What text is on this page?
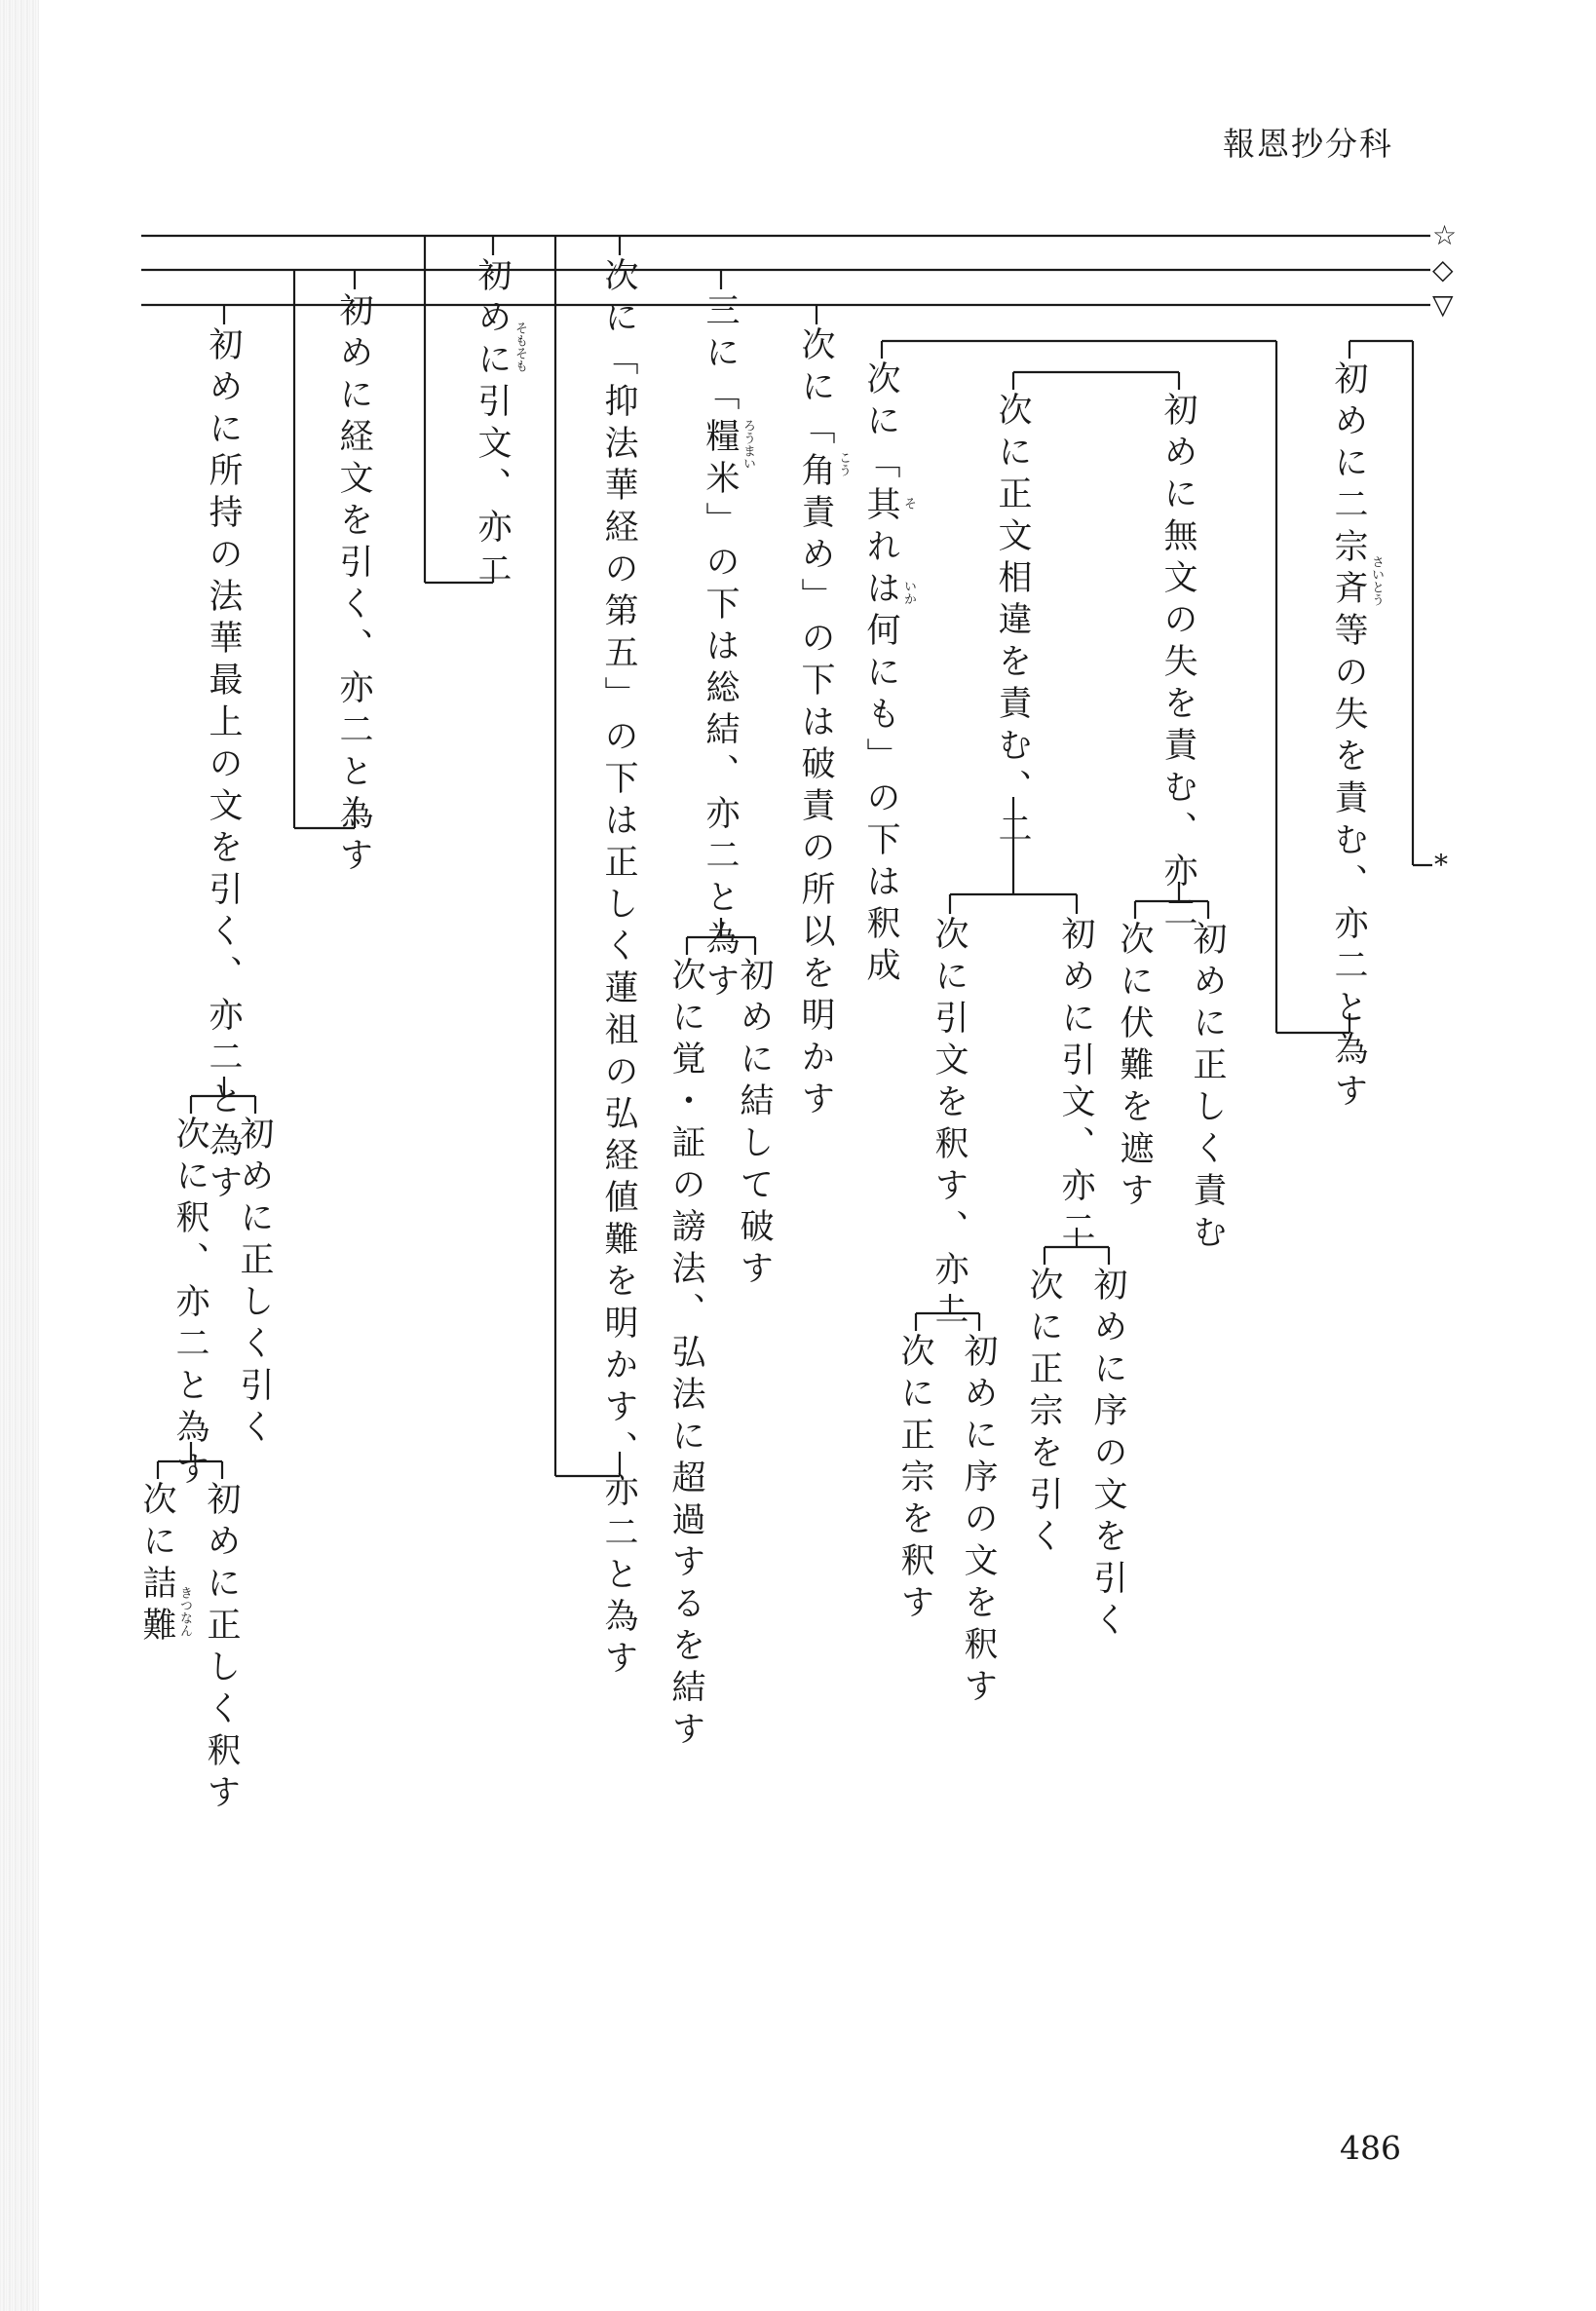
報恩抄分科
☆
◇
▽
*
初めに二宗斉等の失を責む、亦二と為す
次に「其れは何にも」の下は釈成	初めに無文の失を責む、亦二
初めに正しく責む
次に伏難を遮す
次に正文相違を責む、二
初めに引文、亦二
初めに序の文を引く
次に正宗を引く
次に引文を釈す、亦二
初めに序の文を釈す
次に正宗を釈す
次に「角責め」の下は破責の所以を明かす
三に「糧米」の下は総結、亦二と為す
初めに結して破す
次に覚・証の謗法、弘法に超過するを結す
次に「抑法華経の第五」の下は正しく蓮祖の弘経値難を明かす、亦二と為す
初めに引文、亦二
初めに経文を引く、亦二と為す
初めに所持の法華最上の文を引く、亦二と為す
初めに正しく引く
次に釈、亦二と為す
初めに正しく釈す
次に詰難
さいとう
そ
いか
こう
ろうまい
そもそも
きつなん
486
